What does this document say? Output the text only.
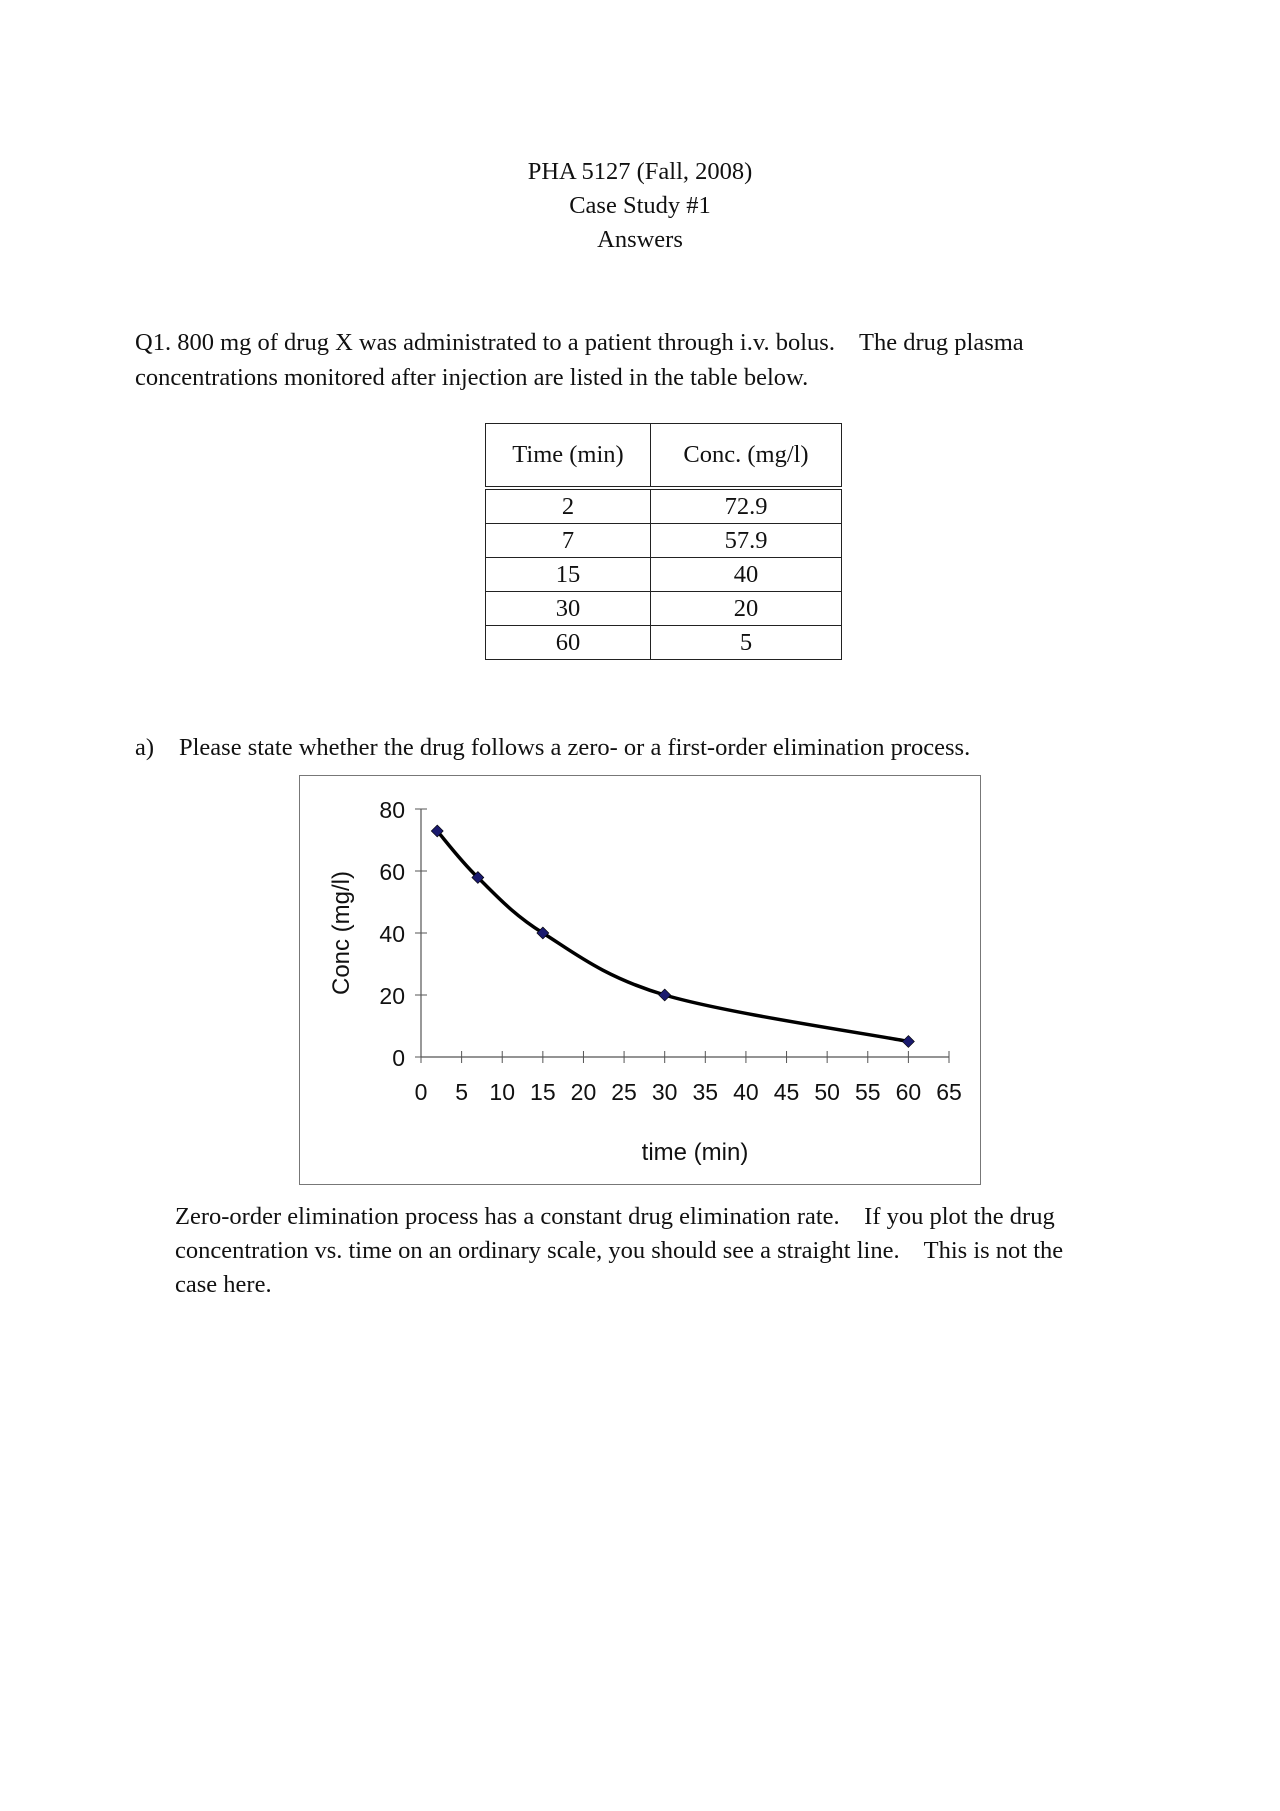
PHA 5127 (Fall, 2008)
Case Study #1
Answers
Q1. 800 mg of drug X was administrated to a patient through i.v. bolus.    The drug plasma
concentrations monitored after injection are listed in the table below.
Time (min)	Conc. (mg/l)
2	72.9
7	57.9
15	40
30	20
60	5
a) Please state whether the drug follows a zero- or a first-order elimination process.
0
20
40
60
80
0 5 10 15 20 25 30 35 40 45 50 55 60 65
time (min)
Conc (mg/l)
Zero-order elimination process has a constant drug elimination rate.    If you plot the drug
concentration vs. time on an ordinary scale, you should see a straight line.    This is not the
case here.
